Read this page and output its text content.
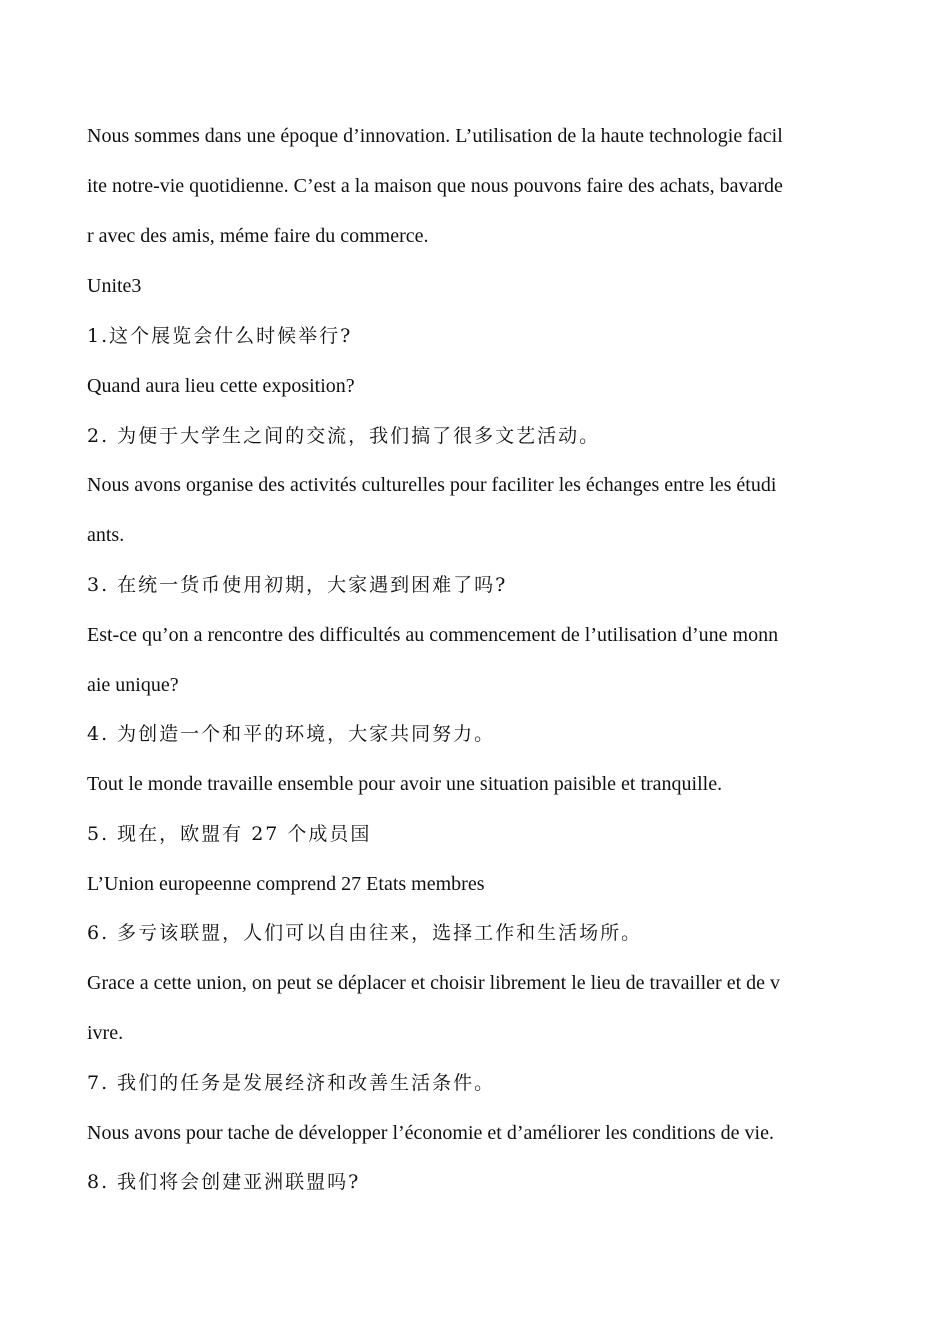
Nous sommes dans une époque d’innovation. L’utilisation de la haute technologie facil
ite notre-vie quotidienne. C’est a la maison que nous pouvons faire des achats, bavarde
r avec des amis, méme faire du commerce.
Unite3
1.这个展览会什么时候举行?
Quand aura lieu cette exposition?
2. 为便于大学生之间的交流，我们搞了很多文艺活动。
Nous avons organise des activités culturelles pour faciliter les échanges entre les étudi
ants.
3. 在统一货币使用初期，大家遇到困难了吗?
Est-ce qu’on a rencontre des difficultés au commencement de l’utilisation d’une monn
aie unique?
4. 为创造一个和平的环境，大家共同努力。
Tout le monde travaille ensemble pour avoir une situation paisible et tranquille.
5. 现在，欧盟有 27 个成员国
L’Union europeenne comprend 27 Etats membres
6. 多亏该联盟，人们可以自由往来，选择工作和生活场所。
Grace a cette union, on peut se déplacer et choisir librement le lieu de travailler et de v
ivre.
7. 我们的任务是发展经济和改善生活条件。
Nous avons pour tache de développer l’économie et d’améliorer les conditions de vie.
8. 我们将会创建亚洲联盟吗?
